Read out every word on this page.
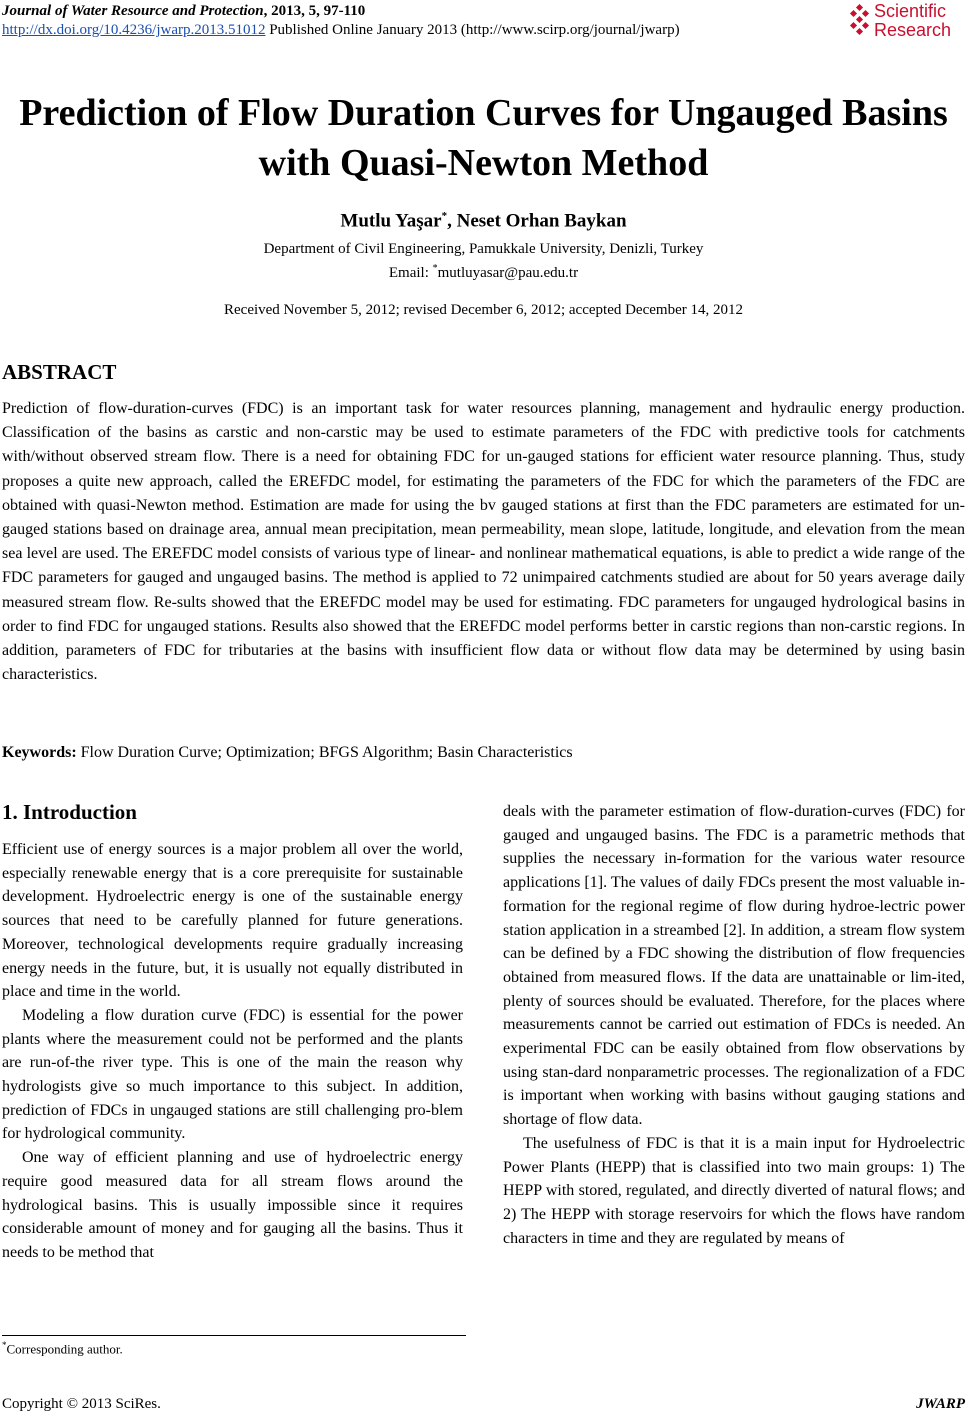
Journal of Water Resource and Protection, 2013, 5, 97-110
http://dx.doi.org/10.4236/jwarp.2013.51012 Published Online January 2013 (http://www.scirp.org/journal/jwarp)
Scientific
Research
Prediction of Flow Duration Curves for Ungauged Basins
with Quasi-Newton Method
Mutlu Yaşar*, Neset Orhan Baykan
Department of Civil Engineering, Pamukkale University, Denizli, Turkey
Email: *mutluyasar@pau.edu.tr
Received November 5, 2012; revised December 6, 2012; accepted December 14, 2012
ABSTRACT
Prediction of flow-duration-curves (FDC) is an important task for water resources planning, management and hydraulic energy production. Classification of the basins as carstic and non-carstic may be used to estimate parameters of the FDC with predictive tools for catchments with/without observed stream flow. There is a need for obtaining FDC for un-gauged stations for efficient water resource planning. Thus, study proposes a quite new approach, called the EREFDC model, for estimating the parameters of the FDC for which the parameters of the FDC are obtained with quasi-Newton method. Estimation are made for using the bv gauged stations at first than the FDC parameters are estimated for un-gauged stations based on drainage area, annual mean precipitation, mean permeability, mean slope, latitude, longitude, and elevation from the mean sea level are used. The EREFDC model consists of various type of linear- and nonlinear mathematical equations, is able to predict a wide range of the FDC parameters for gauged and ungauged basins. The method is applied to 72 unimpaired catchments studied are about for 50 years average daily measured stream flow. Re-sults showed that the EREFDC model may be used for estimating. FDC parameters for ungauged hydrological basins in order to find FDC for ungauged stations. Results also showed that the EREFDC model performs better in carstic regions than non-carstic regions. In addition, parameters of FDC for tributaries at the basins with insufficient flow data or without flow data may be determined by using basin characteristics.
Keywords: Flow Duration Curve; Optimization; BFGS Algorithm; Basin Characteristics
1. Introduction

Efficient use of energy sources is a major problem all over the world, especially renewable energy that is a core prerequisite for sustainable development. Hydroelectric energy is one of the sustainable energy sources that need to be carefully planned for future generations. Moreover, technological developments require gradually increasing energy needs in the future, but, it is usually not equally distributed in place and time in the world.

Modeling a flow duration curve (FDC) is essential for the power plants where the measurement could not be performed and the plants are run-of-the river type. This is one of the main the reason why hydrologists give so much importance to this subject. In addition, prediction of FDCs in ungauged stations are still challenging pro-blem for hydrological community.

One way of efficient planning and use of hydroelectric energy require good measured data for all stream flows around the hydrological basins. This is usually impossible since it requires considerable amount of money and for gauging all the basins. Thus it needs to be method that

deals with the parameter estimation of flow-duration-curves (FDC) for gauged and ungauged basins. The FDC is a parametric methods that supplies the necessary in-formation for the various water resource applications [1]. The values of daily FDCs present the most valuable in-formation for the regional regime of flow during hydroe-lectric power station application in a streambed [2]. In addition, a stream flow system can be defined by a FDC showing the distribution of flow frequencies obtained from measured flows. If the data are unattainable or lim-ited, plenty of sources should be evaluated. Therefore, for the places where measurements cannot be carried out estimation of FDCs is needed. An experimental FDC can be easily obtained from flow observations by using stan-dard nonparametric processes. The regionalization of a FDC is important when working with basins without gauging stations and shortage of flow data.

The usefulness of FDC is that it is a main input for Hydroelectric Power Plants (HEPP) that is classified into two main groups: 1) The HEPP with stored, regulated, and directly diverted of natural flows; and 2) The HEPP with storage reservoirs for which the flows have random characters in time and they are regulated by means of

*Corresponding author.
Copyright © 2013 SciRes.	JWARP
